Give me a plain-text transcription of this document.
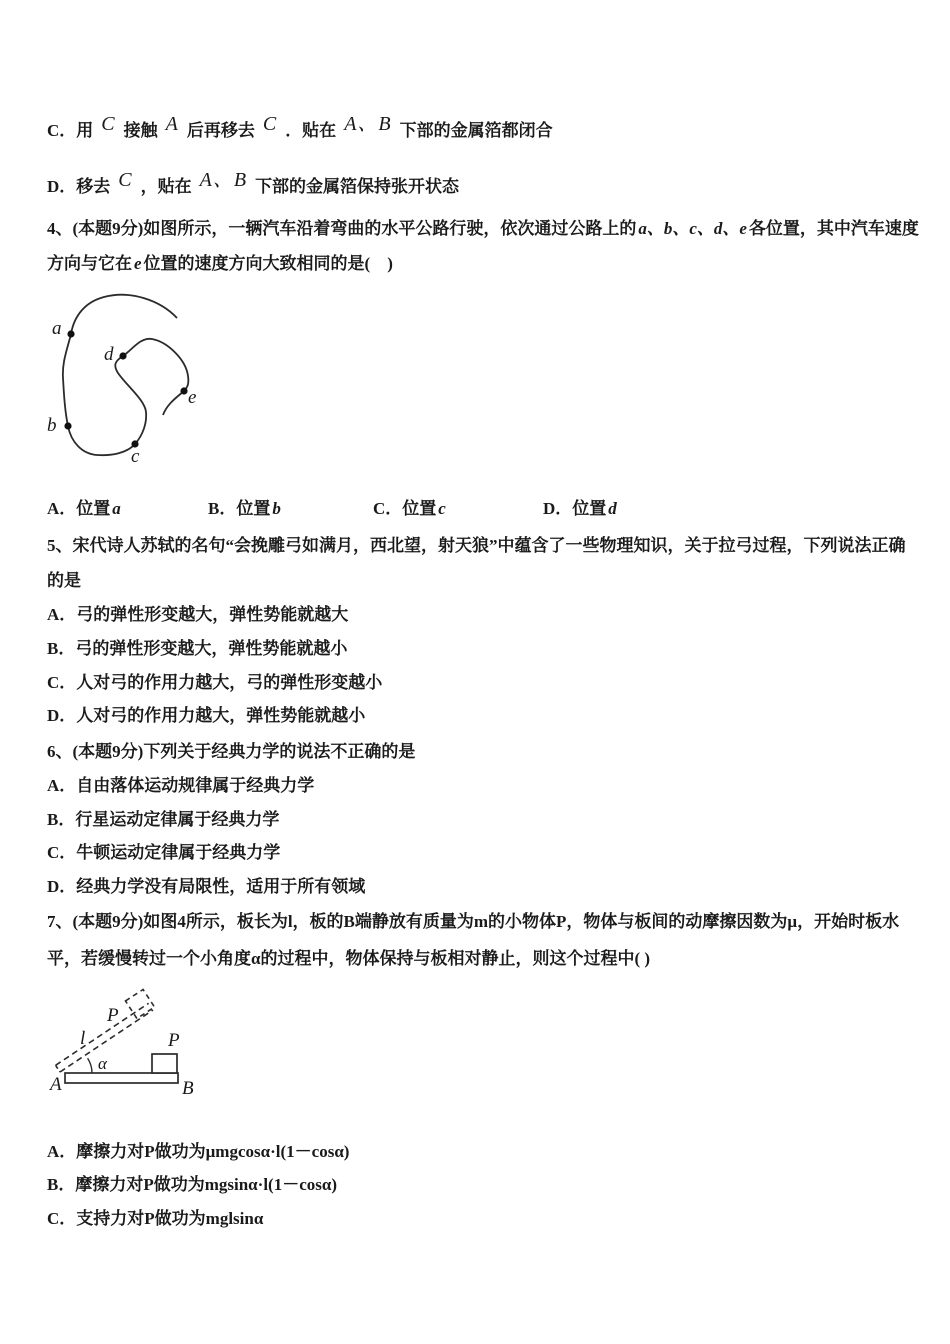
C．用 C 接触 A 后再移去 C ．贴在 A、B 下部的金属箔都闭合
D．移去 C ，贴在 A、B 下部的金属箔保持张开状态
4、(本题9分)如图所示，一辆汽车沿着弯曲的水平公路行驶，依次通过公路上的 a、b、c、d、e 各位置，其中汽车速度方向与它在 e 位置的速度方向大致相同的是(　)
a
b
c
d
e
A．位置 a	B．位置 b	C．位置 c	D．位置 d
5、宋代诗人苏轼的名句“会挽雕弓如满月，西北望，射天狼”中蕴含了一些物理知识，关于拉弓过程，下列说法正确的是
A．弓的弹性形变越大，弹性势能就越大
B．弓的弹性形变越大，弹性势能就越小
C．人对弓的作用力越大，弓的弹性形变越小
D．人对弓的作用力越大，弹性势能就越小
6、(本题9分)下列关于经典力学的说法不正确的是
A．自由落体运动规律属于经典力学
B．行星运动定律属于经典力学
C．牛顿运动定律属于经典力学
D．经典力学没有局限性，适用于所有领域
7、(本题9分)如图4所示，板长为l，板的B端静放有质量为m的小物体P，物体与板间的动摩擦因数为μ，开始时板水平，若缓慢转过一个小角度α的过程中，物体保持与板相对静止，则这个过程中( )
P
l
α
P
A	B
A．摩擦力对P做功为μmgcosα·l(1－cosα)
B．摩擦力对P做功为mgsinα·l(1－cosα)
C．支持力对P做功为mglsinα
